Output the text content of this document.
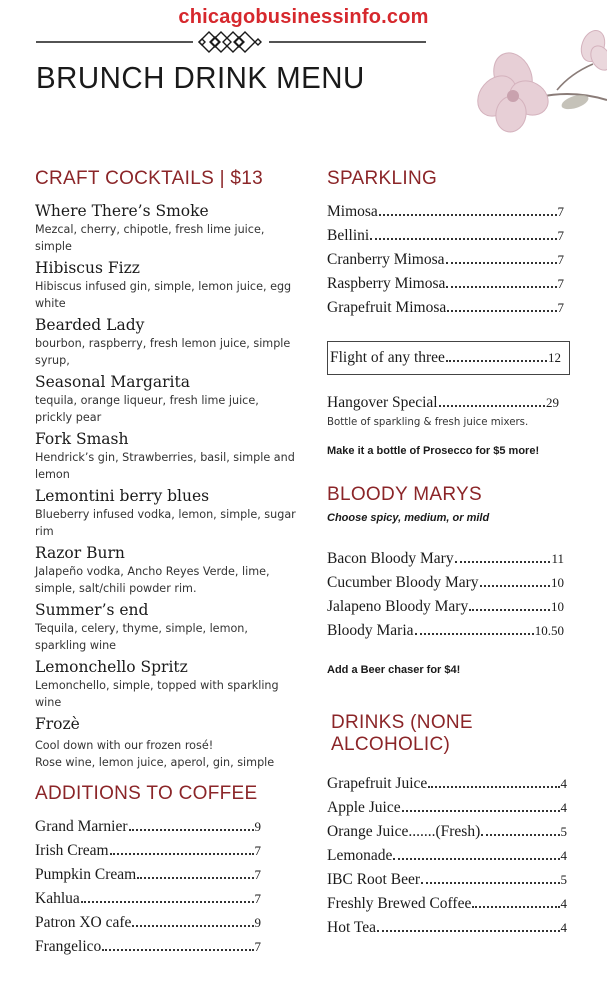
chicagobusinessinfo.com
BRUNCH DRINK MENU
CRAFT COCKTAILS | $13
Where There’s Smoke
Mezcal, cherry, chipotle, fresh lime juice, simple
Hibiscus Fizz
Hibiscus infused gin, simple, lemon juice, egg white
Bearded Lady
bourbon, raspberry, fresh lemon juice, simple syrup,
Seasonal Margarita
tequila, orange liqueur, fresh lime juice, prickly pear
Fork Smash
Hendrick’s gin, Strawberries, basil, simple and lemon
Lemontini berry blues
Blueberry infused vodka, lemon, simple, sugar rim
Razor Burn
Jalapeño vodka, Ancho Reyes Verde, lime, simple, salt/chili powder rim.
Summer’s end
Tequila, celery, thyme, simple, lemon, sparkling wine
Lemonchello Spritz
Lemonchello, simple, topped with sparkling wine
Frozè
Cool down with our frozen rosé!
Rose wine, lemon juice, aperol, gin, simple
ADDITIONS TO COFFEE
Grand Marnier	9
Irish Cream	7
Pumpkin Cream	7
Kahlua	7
Patron XO cafe	9
Frangelico	7
SPARKLING
Mimosa	7
Bellini	7
Cranberry Mimosa	7
Raspberry Mimosa	7
Grapefruit Mimosa	7
Flight of any three	12
Hangover Special	29
Bottle of sparkling & fresh juice mixers.
Make it a bottle of Prosecco for $5 more!
BLOODY MARYS
Choose spicy, medium, or mild
Bacon Bloody Mary	11
Cucumber Bloody Mary	10
Jalapeno Bloody Mary	10
Bloody Maria	10.50
Add a Beer chaser for $4!
DRINKS (NONE
ALCOHOLIC)
Grapefruit Juice	4
Apple Juice	4
Orange Juice.......(Fresh)	5
Lemonade	4
IBC Root Beer	5
Freshly Brewed Coffee	4
Hot Tea	4
